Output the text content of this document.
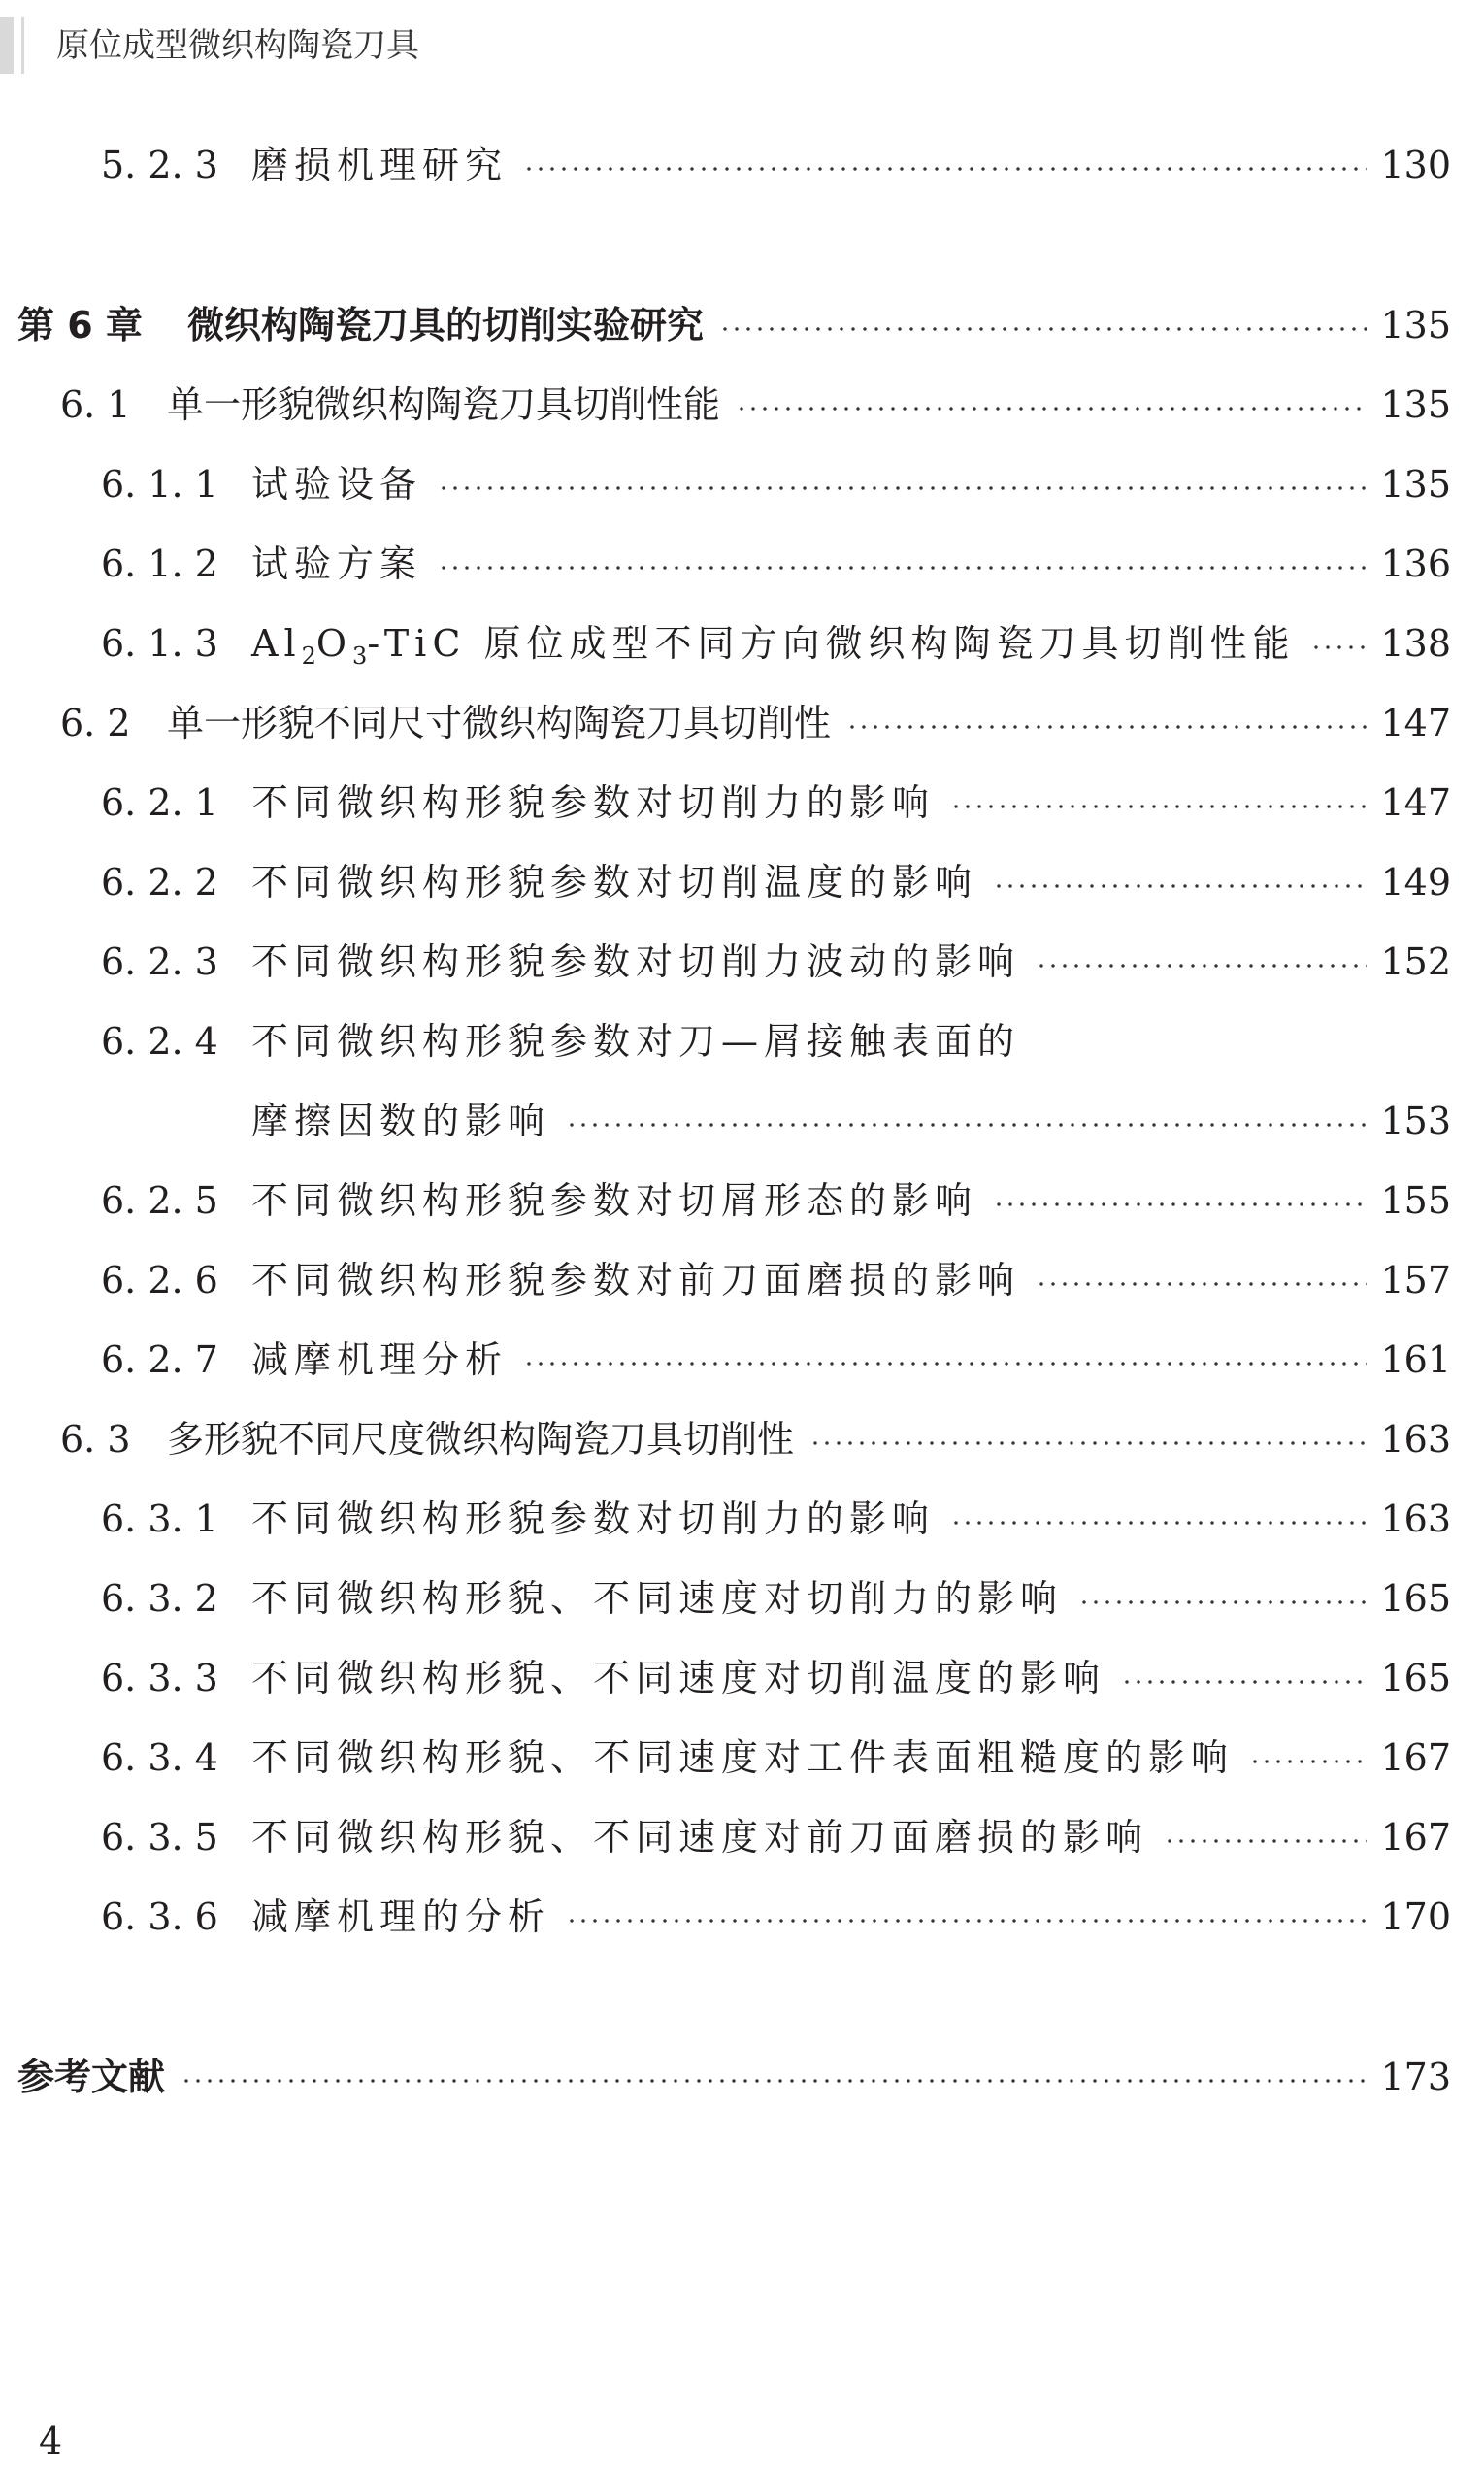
原位成型微织构陶瓷刀具
5. 2. 3 磨损机理研究	130
第 6 章	微织构陶瓷刀具的切削实验研究	135
6. 1 单一形貌微织构陶瓷刀具切削性能	135
6. 1. 1 试验设备	135
6. 1. 2 试验方案	136
6. 1. 3 $Al_2O_3$-TiC 原位成型不同方向微织构陶瓷刀具切削性能 138
6. 2 单一形貌不同尺寸微织构陶瓷刀具切削性	147
6. 2. 1 不同微织构形貌参数对切削力的影响	147
6. 2. 2 不同微织构形貌参数对切削温度的影响	149
6. 2. 3 不同微织构形貌参数对切削力波动的影响	152
6. 2. 4 不同微织构形貌参数对刀—屑接触表面的
摩擦因数的影响	153
6. 2. 5 不同微织构形貌参数对切屑形态的影响	155
6. 2. 6 不同微织构形貌参数对前刀面磨损的影响	157
6. 2. 7 减摩机理分析	161
6. 3 多形貌不同尺度微织构陶瓷刀具切削性	163
6. 3. 1 不同微织构形貌参数对切削力的影响	163
6. 3. 2 不同微织构形貌、不同速度对切削力的影响	165
6. 3. 3 不同微织构形貌、不同速度对切削温度的影响	165
6. 3. 4 不同微织构形貌、不同速度对工件表面粗糙度的影响	167
6. 3. 5 不同微织构形貌、不同速度对前刀面磨损的影响	167
6. 3. 6 减摩机理的分析	170
参考文献	173
4
